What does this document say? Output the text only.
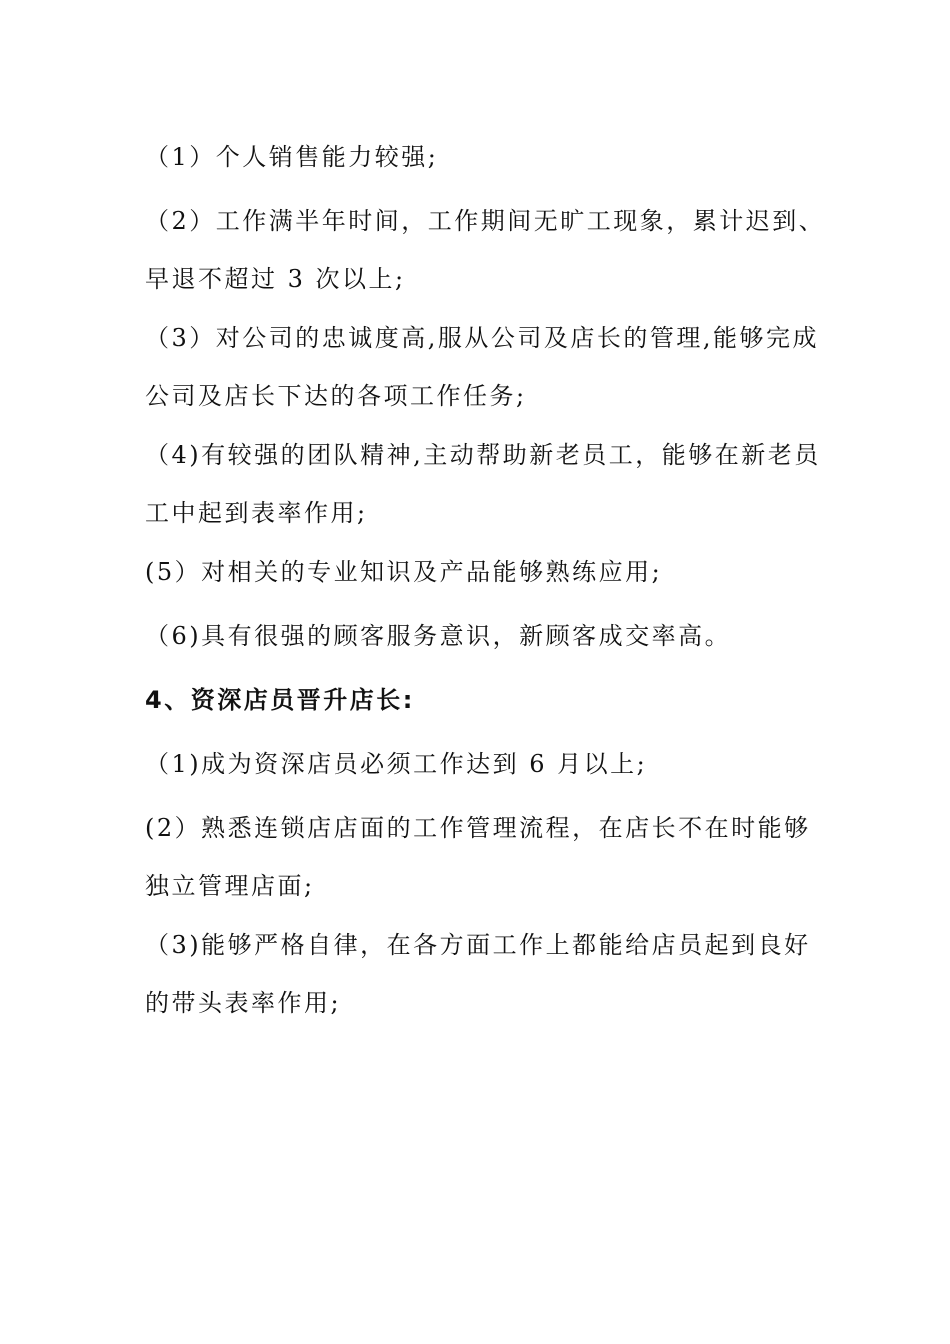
（1）个人销售能力较强;

（2）工作满半年时间，工作期间无旷工现象，累计迟到、
早退不超过 3 次以上;

（3）对公司的忠诚度高,服从公司及店长的管理,能够完成
公司及店长下达的各项工作任务;

（4)有较强的团队精神,主动帮助新老员工，能够在新老员
工中起到表率作用;

(5）对相关的专业知识及产品能够熟练应用;

（6)具有很强的顾客服务意识，新顾客成交率高。

4、资深店员晋升店长:

（1)成为资深店员必须工作达到 6 月以上;

(2）熟悉连锁店店面的工作管理流程，在店长不在时能够
独立管理店面;

（3)能够严格自律，在各方面工作上都能给店员起到良好
的带头表率作用;
